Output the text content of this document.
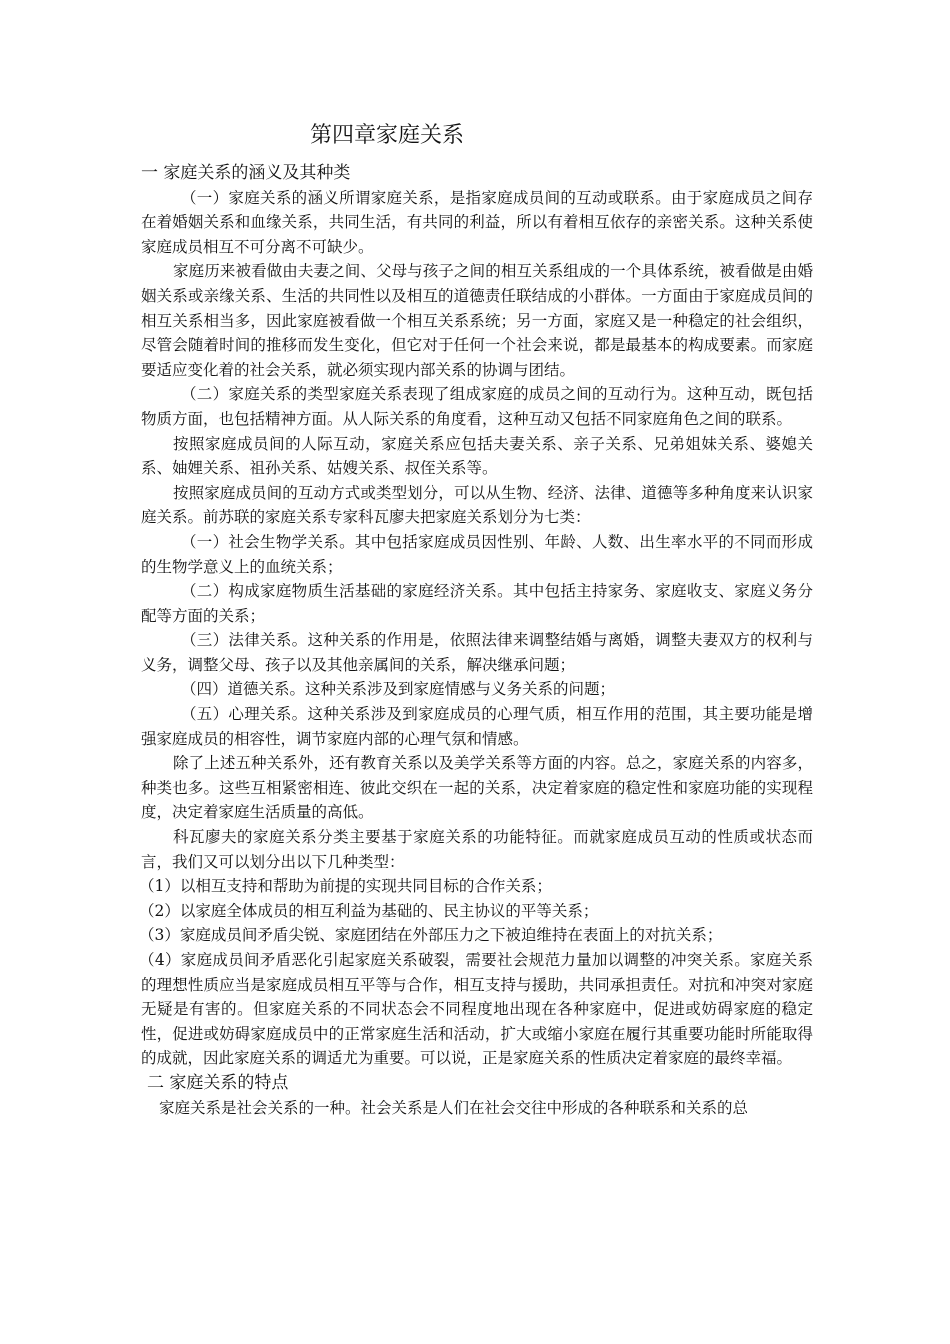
第四章家庭关系

一 家庭关系的涵义及其种类

（一）家庭关系的涵义所谓家庭关系，是指家庭成员间的互动或联系。由于家庭成员之间存在着婚姻关系和血缘关系，共同生活，有共同的利益，所以有着相互依存的亲密关系。这种关系使家庭成员相互不可分离不可缺少。

家庭历来被看做由夫妻之间、父母与孩子之间的相互关系组成的一个具体系统，被看做是由婚姻关系或亲缘关系、生活的共同性以及相互的道德责任联结成的小群体。一方面由于家庭成员间的相互关系相当多，因此家庭被看做一个相互关系系统；另一方面，家庭又是一种稳定的社会组织，尽管会随着时间的推移而发生变化，但它对于任何一个社会来说，都是最基本的构成要素。而家庭要适应变化着的社会关系，就必须实现内部关系的协调与团结。

（二）家庭关系的类型家庭关系表现了组成家庭的成员之间的互动行为。这种互动，既包括物质方面，也包括精神方面。从人际关系的角度看，这种互动又包括不同家庭角色之间的联系。

按照家庭成员间的人际互动，家庭关系应包括夫妻关系、亲子关系、兄弟姐妹关系、婆媳关系、妯娌关系、祖孙关系、姑嫂关系、叔侄关系等。

按照家庭成员间的互动方式或类型划分，可以从生物、经济、法律、道德等多种角度来认识家庭关系。前苏联的家庭关系专家科瓦廖夫把家庭关系划分为七类：

（一）社会生物学关系。其中包括家庭成员因性别、年龄、人数、出生率水平的不同而形成的生物学意义上的血统关系；

（二）构成家庭物质生活基础的家庭经济关系。其中包括主持家务、家庭收支、家庭义务分配等方面的关系；

（三）法律关系。这种关系的作用是，依照法律来调整结婚与离婚，调整夫妻双方的权利与义务，调整父母、孩子以及其他亲属间的关系，解决继承问题；

（四）道德关系。这种关系涉及到家庭情感与义务关系的问题；

（五）心理关系。这种关系涉及到家庭成员的心理气质，相互作用的范围，其主要功能是增强家庭成员的相容性，调节家庭内部的心理气氛和情感。

除了上述五种关系外，还有教育关系以及美学关系等方面的内容。总之，家庭关系的内容多，种类也多。这些互相紧密相连、彼此交织在一起的关系，决定着家庭的稳定性和家庭功能的实现程度，决定着家庭生活质量的高低。

科瓦廖夫的家庭关系分类主要基于家庭关系的功能特征。而就家庭成员互动的性质或状态而言，我们又可以划分出以下几种类型：

（1）以相互支持和帮助为前提的实现共同目标的合作关系；

（2）以家庭全体成员的相互利益为基础的、民主协议的平等关系；

（3）家庭成员间矛盾尖锐、家庭团结在外部压力之下被迫维持在表面上的对抗关系；

（4）家庭成员间矛盾恶化引起家庭关系破裂，需要社会规范力量加以调整的冲突关系。家庭关系的理想性质应当是家庭成员相互平等与合作，相互支持与援助，共同承担责任。对抗和冲突对家庭无疑是有害的。但家庭关系的不同状态会不同程度地出现在各种家庭中，促进或妨碍家庭的稳定性，促进或妨碍家庭成员中的正常家庭生活和活动，扩大或缩小家庭在履行其重要功能时所能取得的成就，因此家庭关系的调适尤为重要。可以说，正是家庭关系的性质决定着家庭的最终幸福。

二 家庭关系的特点

家庭关系是社会关系的一种。社会关系是人们在社会交往中形成的各种联系和关系的总
